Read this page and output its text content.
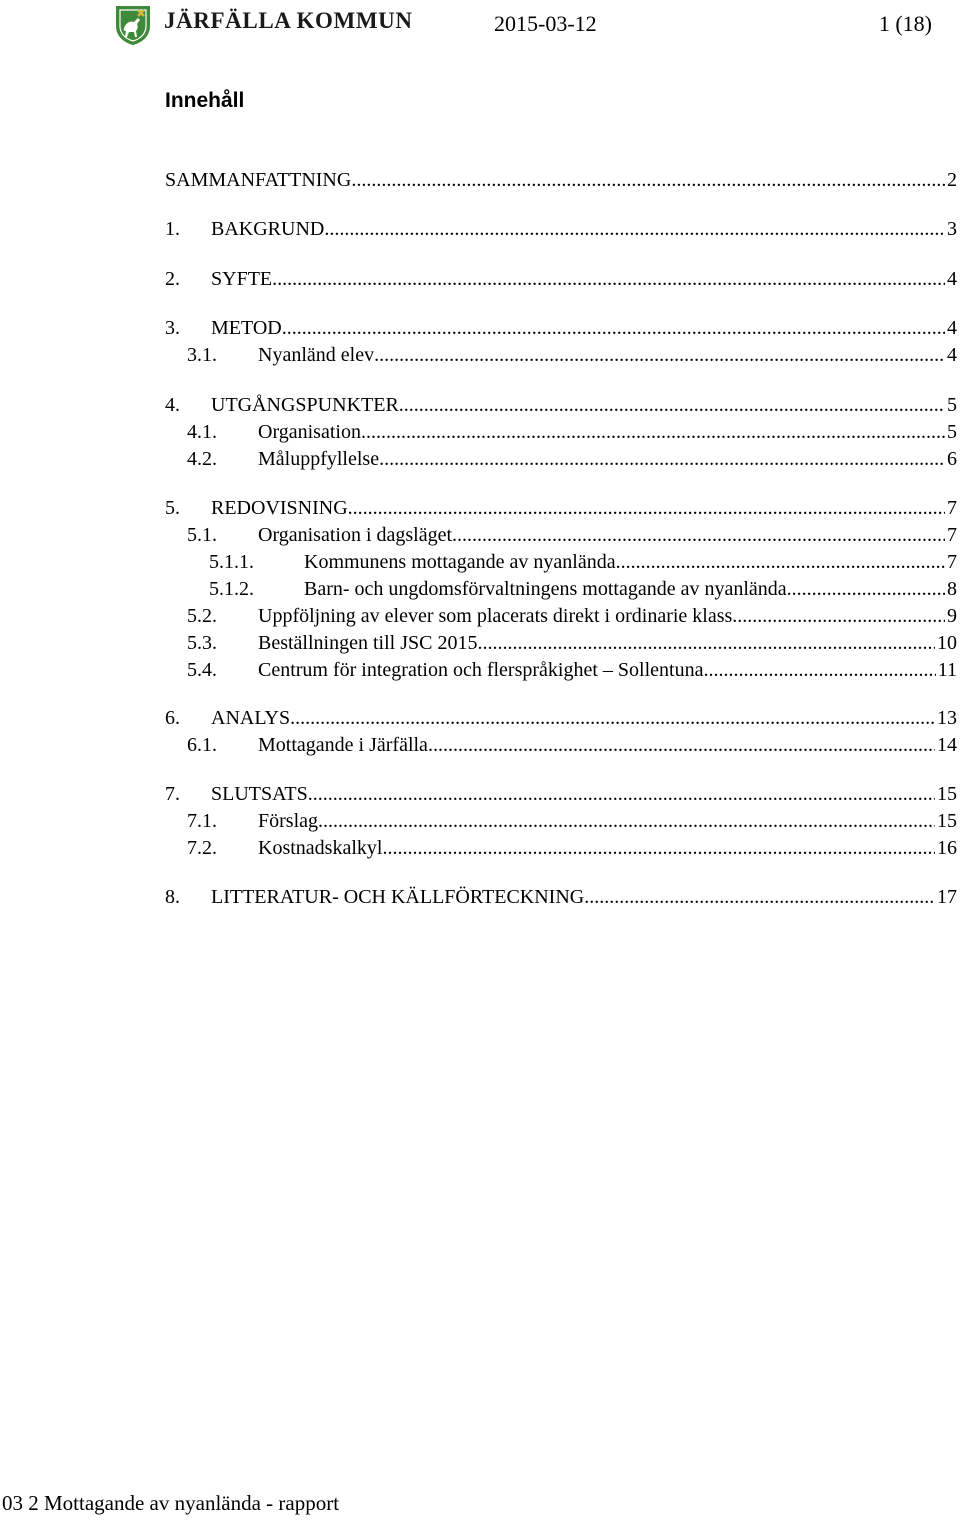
JÄRFÄLLA KOMMUN	2015-03-12	1 (18)
Innehåll
SAMMANFATTNING .....	2
1.	BAKGRUND .....	3
2.	SYFTE .....	4
3.	METOD .....	4
3.1.	Nyanländ elev .....	4
4.	UTGÅNGSPUNKTER .....	5
4.1.	Organisation .....	5
4.2.	Måluppfyllelse .....	6
5.	REDOVISNING .....	7
5.1.	Organisation i dagsläget .....	7
5.1.1.	Kommunens mottagande av nyanlända .....	7
5.1.2.	Barn- och ungdomsförvaltningens mottagande av nyanlända .....	8
5.2.	Uppföljning av elever som placerats direkt i ordinarie klass .....	9
5.3.	Beställningen till JSC 2015 .....	10
5.4.	Centrum för integration och flerspråkighet – Sollentuna .....	11
6.	ANALYS .....	13
6.1.	Mottagande i Järfälla .....	14
7.	SLUTSATS .....	15
7.1.	Förslag .....	15
7.2.	Kostnadskalkyl .....	16
8.	LITTERATUR- OCH KÄLLFÖRTECKNING .....	17
03 2 Mottagande av nyanlända - rapport
